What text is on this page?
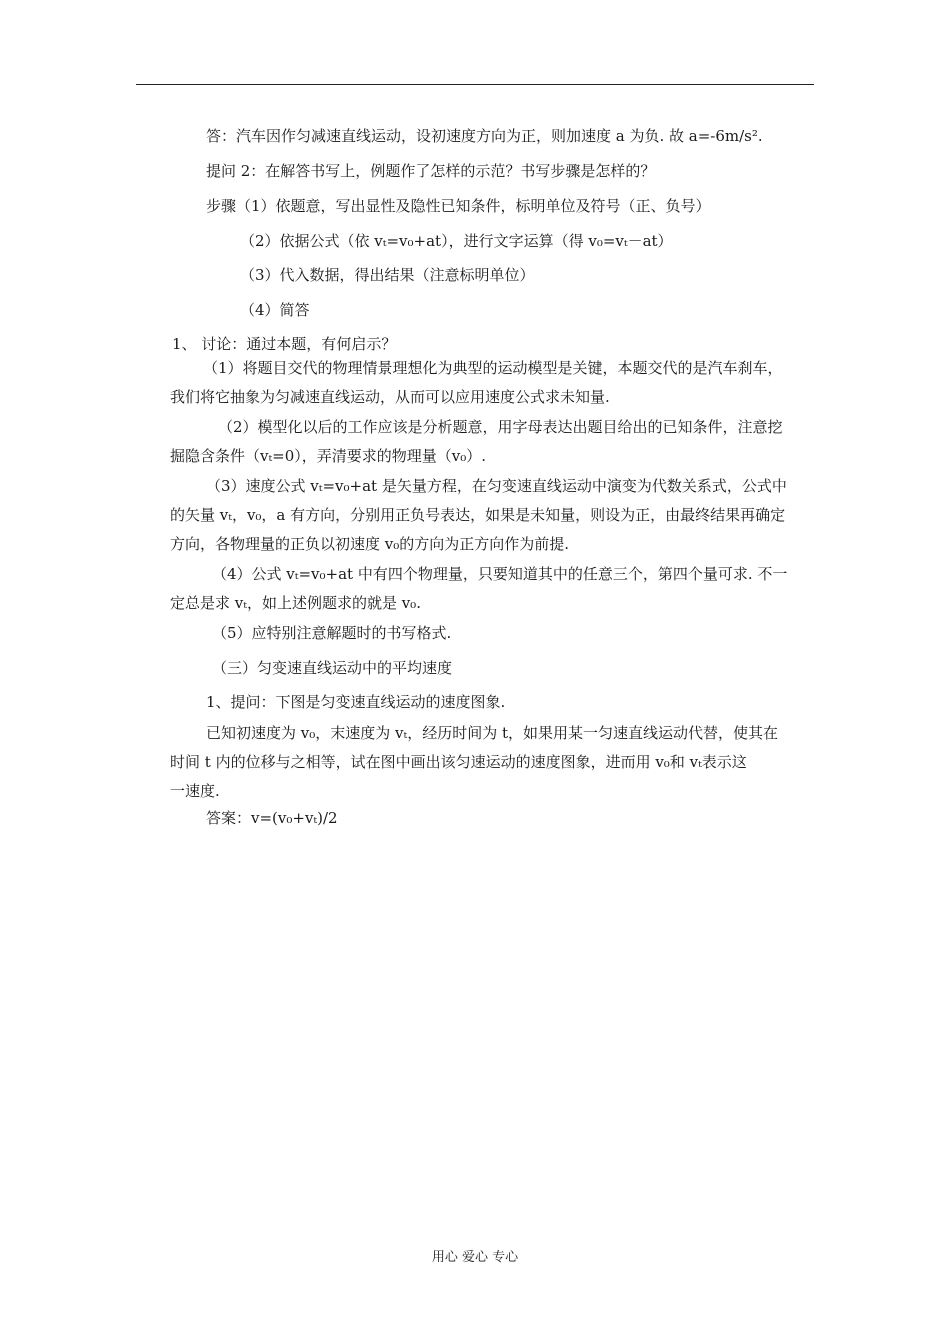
答：汽车因作匀减速直线运动，设初速度方向为正，则加速度 a 为负. 故 a=-6m/s².
提问 2：在解答书写上，例题作了怎样的示范？书写步骤是怎样的？
步骤（1）依题意，写出显性及隐性已知条件，标明单位及符号（正、负号）
（2）依据公式（依 vₜ=v₀+at），进行文字运算（得 v₀=vₜ－at）
（3）代入数据，得出结果（注意标明单位）
（4）简答
1、 讨论：通过本题，有何启示？
（1）将题目交代的物理情景理想化为典型的运动模型是关键，本题交代的是汽车刹车，
我们将它抽象为匀减速直线运动，从而可以应用速度公式求未知量.
（2）模型化以后的工作应该是分析题意，用字母表达出题目给出的已知条件，注意挖
掘隐含条件（vₜ=0），弄清要求的物理量（v₀）.
（3）速度公式 vₜ=v₀+at 是矢量方程，在匀变速直线运动中演变为代数关系式，公式中
的矢量 vₜ，v₀，a 有方向，分别用正负号表达，如果是未知量，则设为正，由最终结果再确定
方向，各物理量的正负以初速度 v₀的方向为正方向作为前提.
（4）公式 vₜ=v₀+at 中有四个物理量，只要知道其中的任意三个，第四个量可求. 不一
定总是求 vₜ，如上述例题求的就是 v₀.
（5）应特别注意解题时的书写格式.
（三）匀变速直线运动中的平均速度
1、提问：下图是匀变速直线运动的速度图象.
已知初速度为 v₀，末速度为 vₜ，经历时间为 t，如果用某一匀速直线运动代替，使其在
时间 t 内的位移与之相等，试在图中画出该匀速运动的速度图象，进而用 v₀和 vₜ表示这
一速度.
答案：v=(v₀+vₜ)/2
用心 爱心 专心
